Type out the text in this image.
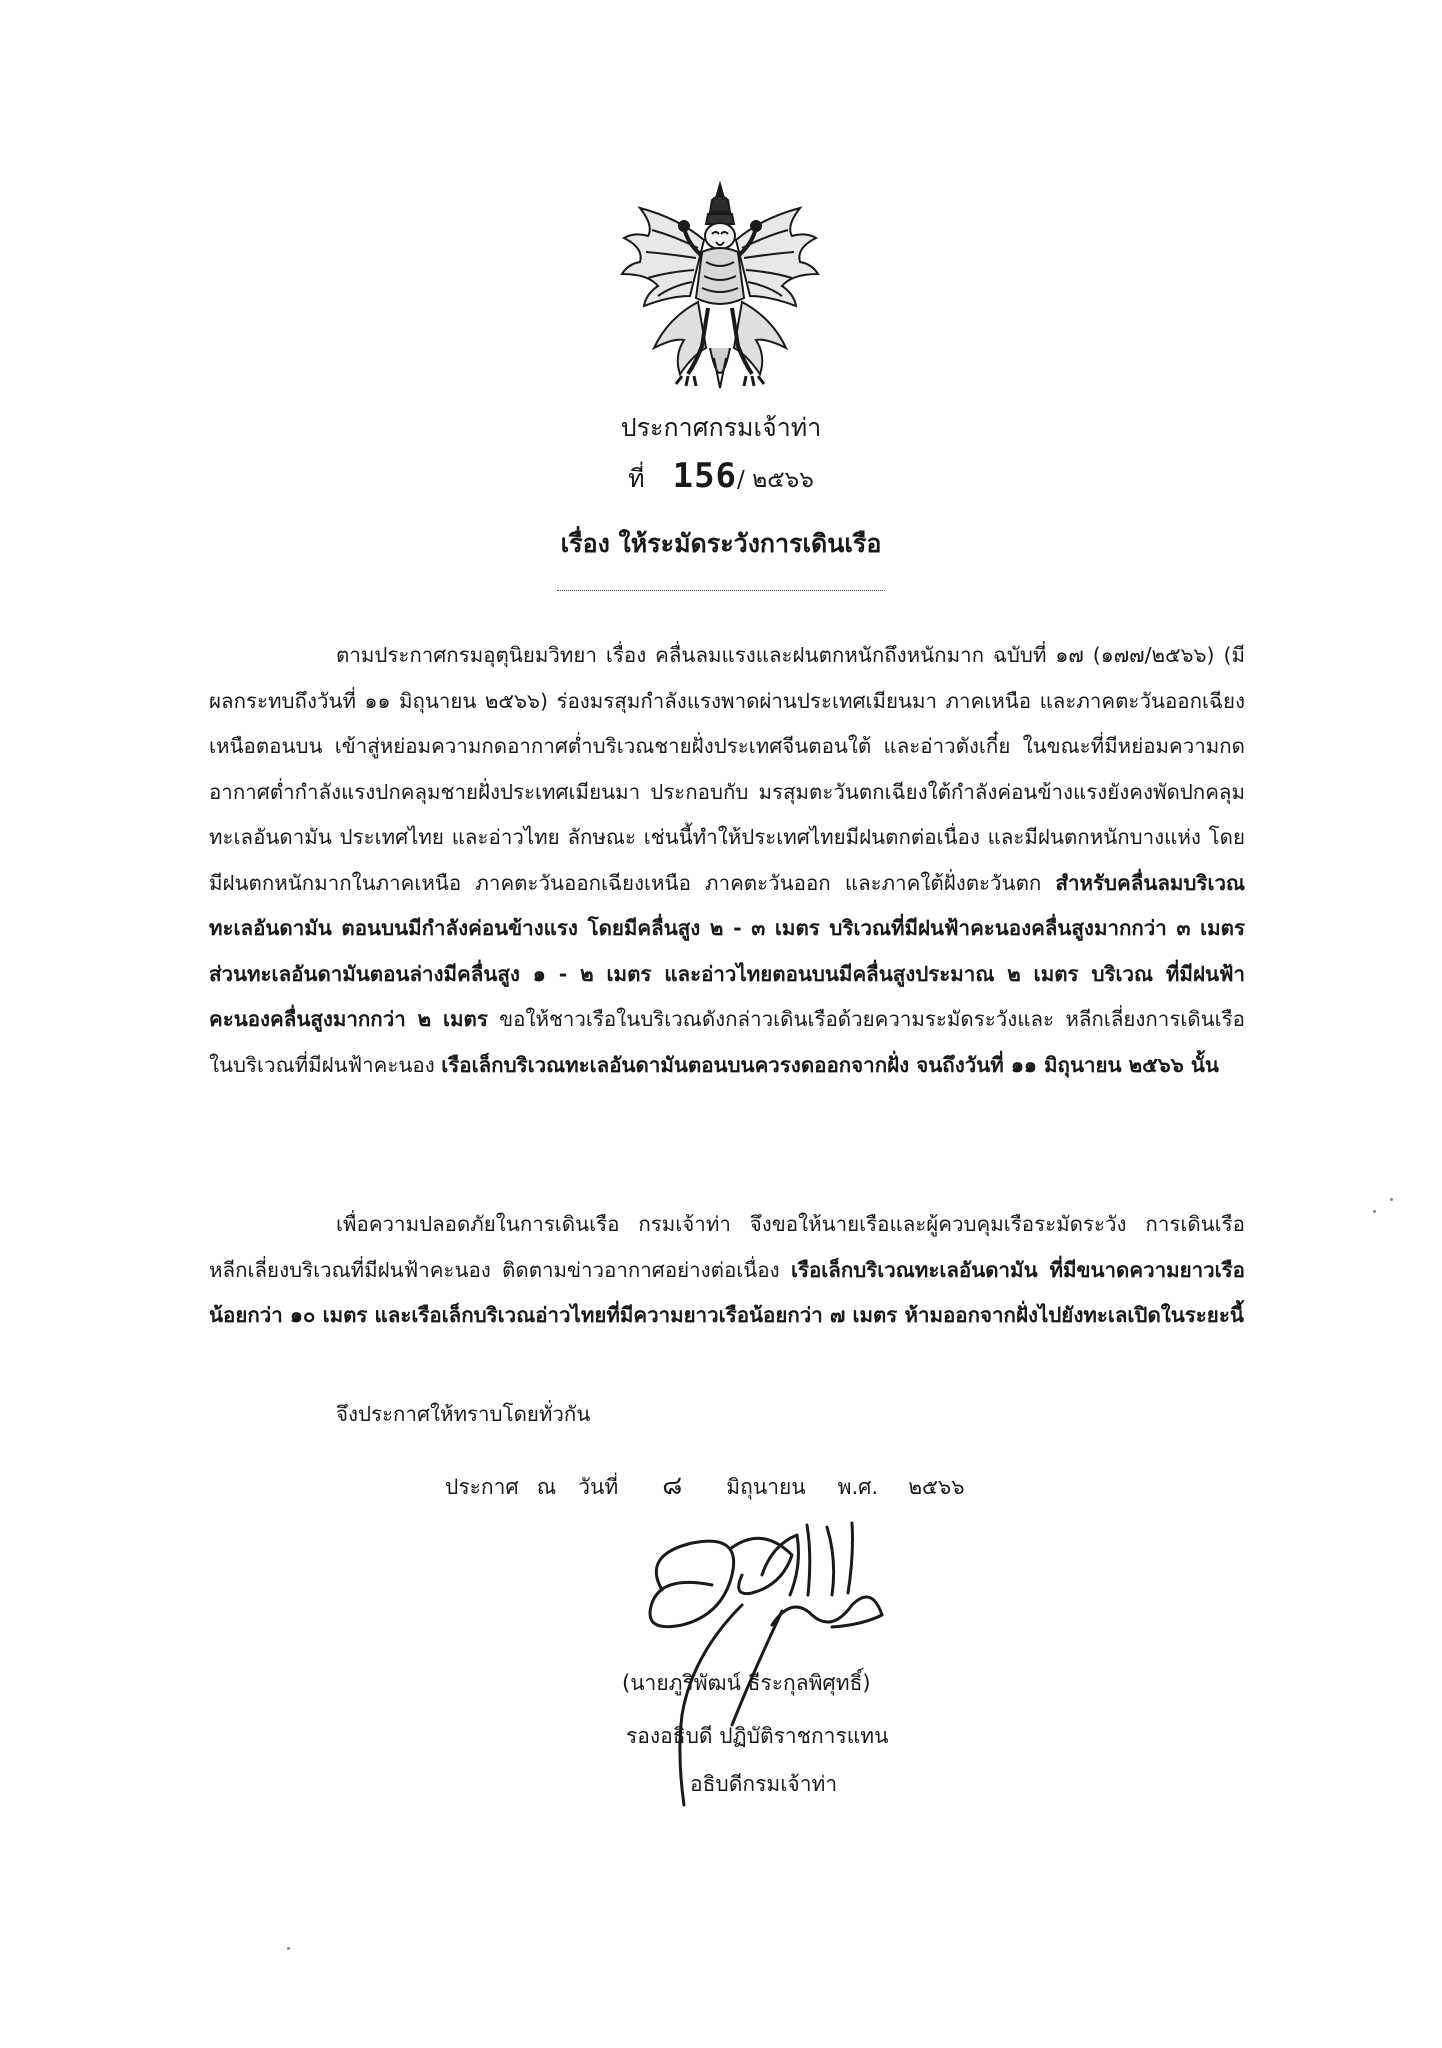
ประกาศกรมเจ้าท่า
ที่ 156/ ๒๕๖๖
เรื่อง ให้ระมัดระวังการเดินเรือ

ตามประกาศกรมอุตุนิยมวิทยา เรื่อง คลื่นลมแรงและฝนตกหนักถึงหนักมาก ฉบับที่ ๑๗ (๑๗๗/๒๕๖๖) (มีผลกระทบถึงวันที่ ๑๑ มิถุนายน ๒๕๖๖) ร่องมรสุมกำลังแรงพาดผ่านประเทศเมียนมา ภาคเหนือ และภาคตะวันออกเฉียงเหนือตอนบน เข้าสู่หย่อมความกดอากาศต่ำบริเวณชายฝั่งประเทศจีนตอนใต้ และอ่าวตังเกี๋ย ในขณะที่มีหย่อมความกดอากาศต่ำกำลังแรงปกคลุมชายฝั่งประเทศเมียนมา ประกอบกับ มรสุมตะวันตกเฉียงใต้กำลังค่อนข้างแรงยังคงพัดปกคลุมทะเลอันดามัน ประเทศไทย และอ่าวไทย ลักษณะ เช่นนี้ทำให้ประเทศไทยมีฝนตกต่อเนื่อง และมีฝนตกหนักบางแห่ง โดยมีฝนตกหนักมากในภาคเหนือ ภาคตะวันออกเฉียงเหนือ ภาคตะวันออก และภาคใต้ฝั่งตะวันตก สำหรับคลื่นลมบริเวณทะเลอันดามัน ตอนบนมีกำลังค่อนข้างแรง โดยมีคลื่นสูง ๒ - ๓ เมตร บริเวณที่มีฝนฟ้าคะนองคลื่นสูงมากกว่า ๓ เมตร ส่วนทะเลอันดามันตอนล่างมีคลื่นสูง ๑ - ๒ เมตร และอ่าวไทยตอนบนมีคลื่นสูงประมาณ ๒ เมตร บริเวณ ที่มีฝนฟ้าคะนองคลื่นสูงมากกว่า ๒ เมตร ขอให้ชาวเรือในบริเวณดังกล่าวเดินเรือด้วยความระมัดระวังและ หลีกเลี่ยงการเดินเรือในบริเวณที่มีฝนฟ้าคะนอง เรือเล็กบริเวณทะเลอันดามันตอนบนควรงดออกจากฝั่ง จนถึงวันที่ ๑๑ มิถุนายน ๒๕๖๖ นั้น

เพื่อความปลอดภัยในการเดินเรือ กรมเจ้าท่า จึงขอให้นายเรือและผู้ควบคุมเรือระมัดระวัง การเดินเรือ หลีกเลี่ยงบริเวณที่มีฝนฟ้าคะนอง ติดตามข่าวอากาศอย่างต่อเนื่อง เรือเล็กบริเวณทะเลอันดามัน ที่มีขนาดความยาวเรือน้อยกว่า ๑๐ เมตร และเรือเล็กบริเวณอ่าวไทยที่มีความยาวเรือน้อยกว่า ๗ เมตร ห้ามออกจากฝั่งไปยังทะเลเปิดในระยะนี้

จึงประกาศให้ทราบโดยทั่วกัน

ประกาศ ณ วันที่ ๘ มิถุนายน พ.ศ. ๒๕๖๖
(นายภูริพัฒน์ ธีระกุลพิศุทธิ์)
รองอธิบดี ปฏิบัติราชการแทน
อธิบดีกรมเจ้าท่า
